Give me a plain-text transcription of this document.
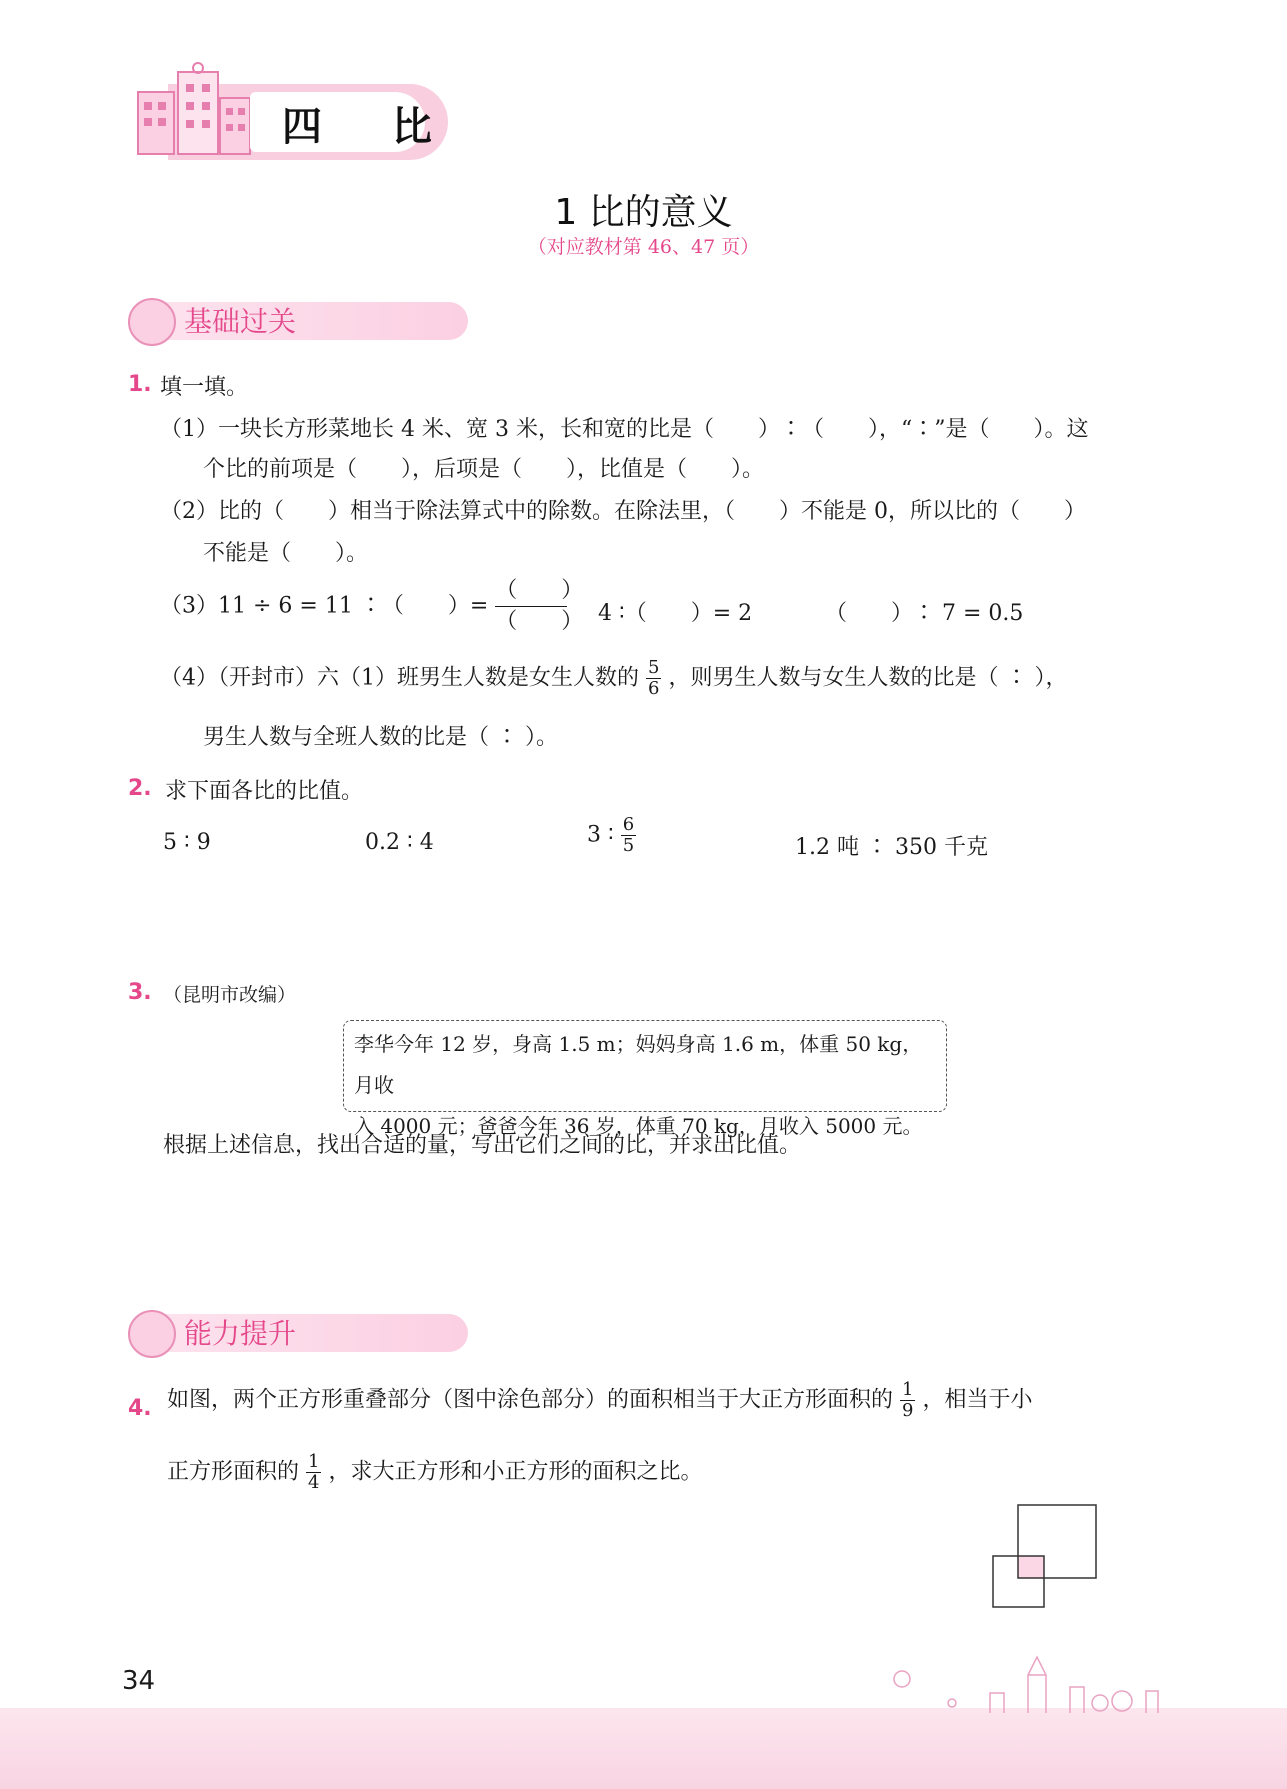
四 比
1 比的意义
（对应教材第 46、47 页）
基础过关
1. 填一填。
（1）一块长方形菜地长 4 米、宽 3 米，长和宽的比是（　　）∶（　　），“∶”是（　　）。这
个比的前项是（　　），后项是（　　），比值是（　　）。
（2）比的（　　）相当于除法算式中的除数。在除法里，（　　）不能是 0，所以比的（　　）
不能是（　　）。
（3）11 ÷ 6 = 11 ∶（　　）=
（　　）
（　　） 4 ∶（　　）= 2	（　　）∶ 7 = 0.5
（4）（开封市）六（1）班男生人数是女生人数的 $\frac{5}{6}$ ，则男生人数与女生人数的比是（ ∶ ），
男生人数与全班人数的比是（ ∶ ）。
2. 求下面各比的比值。
5 ∶ 9	0.2 ∶ 4	3 ∶ $\frac{6}{5}$	1.2 吨 ∶ 350 千克
3. （昆明市改编）
李华今年 12 岁，身高 1.5 m；妈妈身高 1.6 m，体重 50 kg，月收
入 4000 元；爸爸今年 36 岁，体重 70 kg，月收入 5000 元。
根据上述信息，找出合适的量，写出它们之间的比，并求出比值。
能力提升
4. 如图，两个正方形重叠部分（图中涂色部分）的面积相当于大正方形面积的 $\frac{1}{9}$ ，相当于小
正方形面积的 $\frac{1}{4}$ ，求大正方形和小正方形的面积之比。
34
